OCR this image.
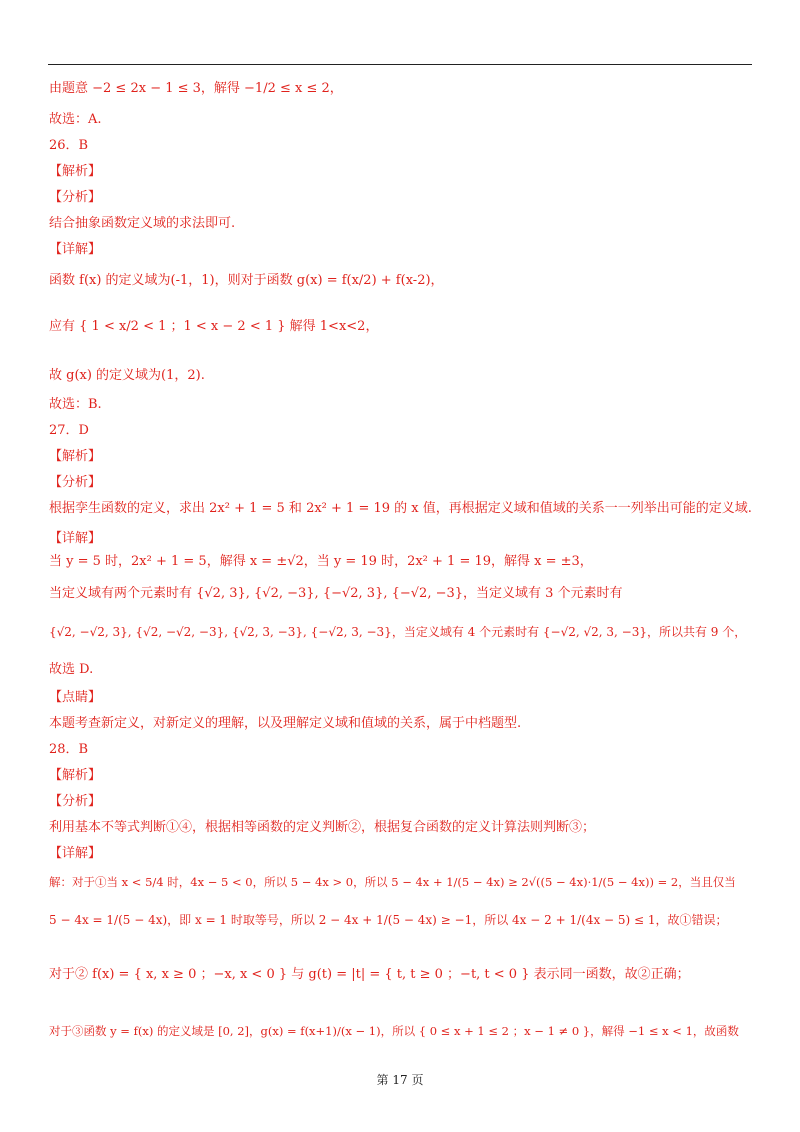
由题意 −2 ≤ 2x − 1 ≤ 3，解得 −1/2 ≤ x ≤ 2，
故选：A.
26．B
【解析】
【分析】
结合抽象函数定义域的求法即可.
【详解】
函数 f(x) 的定义域为(-1，1)，则对于函数 g(x) = f(x/2) + f(x-2)，
应有 { 1 < x/2 < 1 ；1 < x − 2 < 1 } 解得 1<x<2，
故 g(x) 的定义域为(1，2).
故选：B.
27．D
【解析】
【分析】
根据孪生函数的定义，求出 2x² + 1 = 5 和 2x² + 1 = 19 的 x 值，再根据定义域和值域的关系一一列举出可能的定义域.
【详解】
当 y = 5 时，2x² + 1 = 5，解得 x = ±√2，当 y = 19 时，2x² + 1 = 19，解得 x = ±3，
当定义域有两个元素时有 {√2, 3}, {√2, −3}, {−√2, 3}, {−√2, −3}，当定义域有 3 个元素时有
{√2, −√2, 3}, {√2, −√2, −3}, {√2, 3, −3}, {−√2, 3, −3}，当定义域有 4 个元素时有 {−√2, √2, 3, −3}，所以共有 9 个，
故选 D.
【点睛】
本题考查新定义，对新定义的理解，以及理解定义域和值域的关系，属于中档题型.
28．B
【解析】
【分析】
利用基本不等式判断①④，根据相等函数的定义判断②，根据复合函数的定义计算法则判断③；
【详解】
解：对于①当 x < 5/4 时，4x − 5 < 0，所以 5 − 4x > 0，所以 5 − 4x + 1/(5 − 4x) ≥ 2√((5 − 4x)·1/(5 − 4x)) = 2，当且仅当
5 − 4x = 1/(5 − 4x)，即 x = 1 时取等号，所以 2 − 4x + 1/(5 − 4x) ≥ −1，所以 4x − 2 + 1/(4x − 5) ≤ 1，故①错误；
对于② f(x) = { x, x ≥ 0 ；−x, x < 0 } 与 g(t) = |t| = { t, t ≥ 0 ；−t, t < 0 } 表示同一函数，故②正确；
对于③函数 y = f(x) 的定义域是 [0, 2]，g(x) = f(x+1)/(x − 1)，所以 { 0 ≤ x + 1 ≤ 2 ；x − 1 ≠ 0 }，解得 −1 ≤ x < 1，故函数
第 17 页
